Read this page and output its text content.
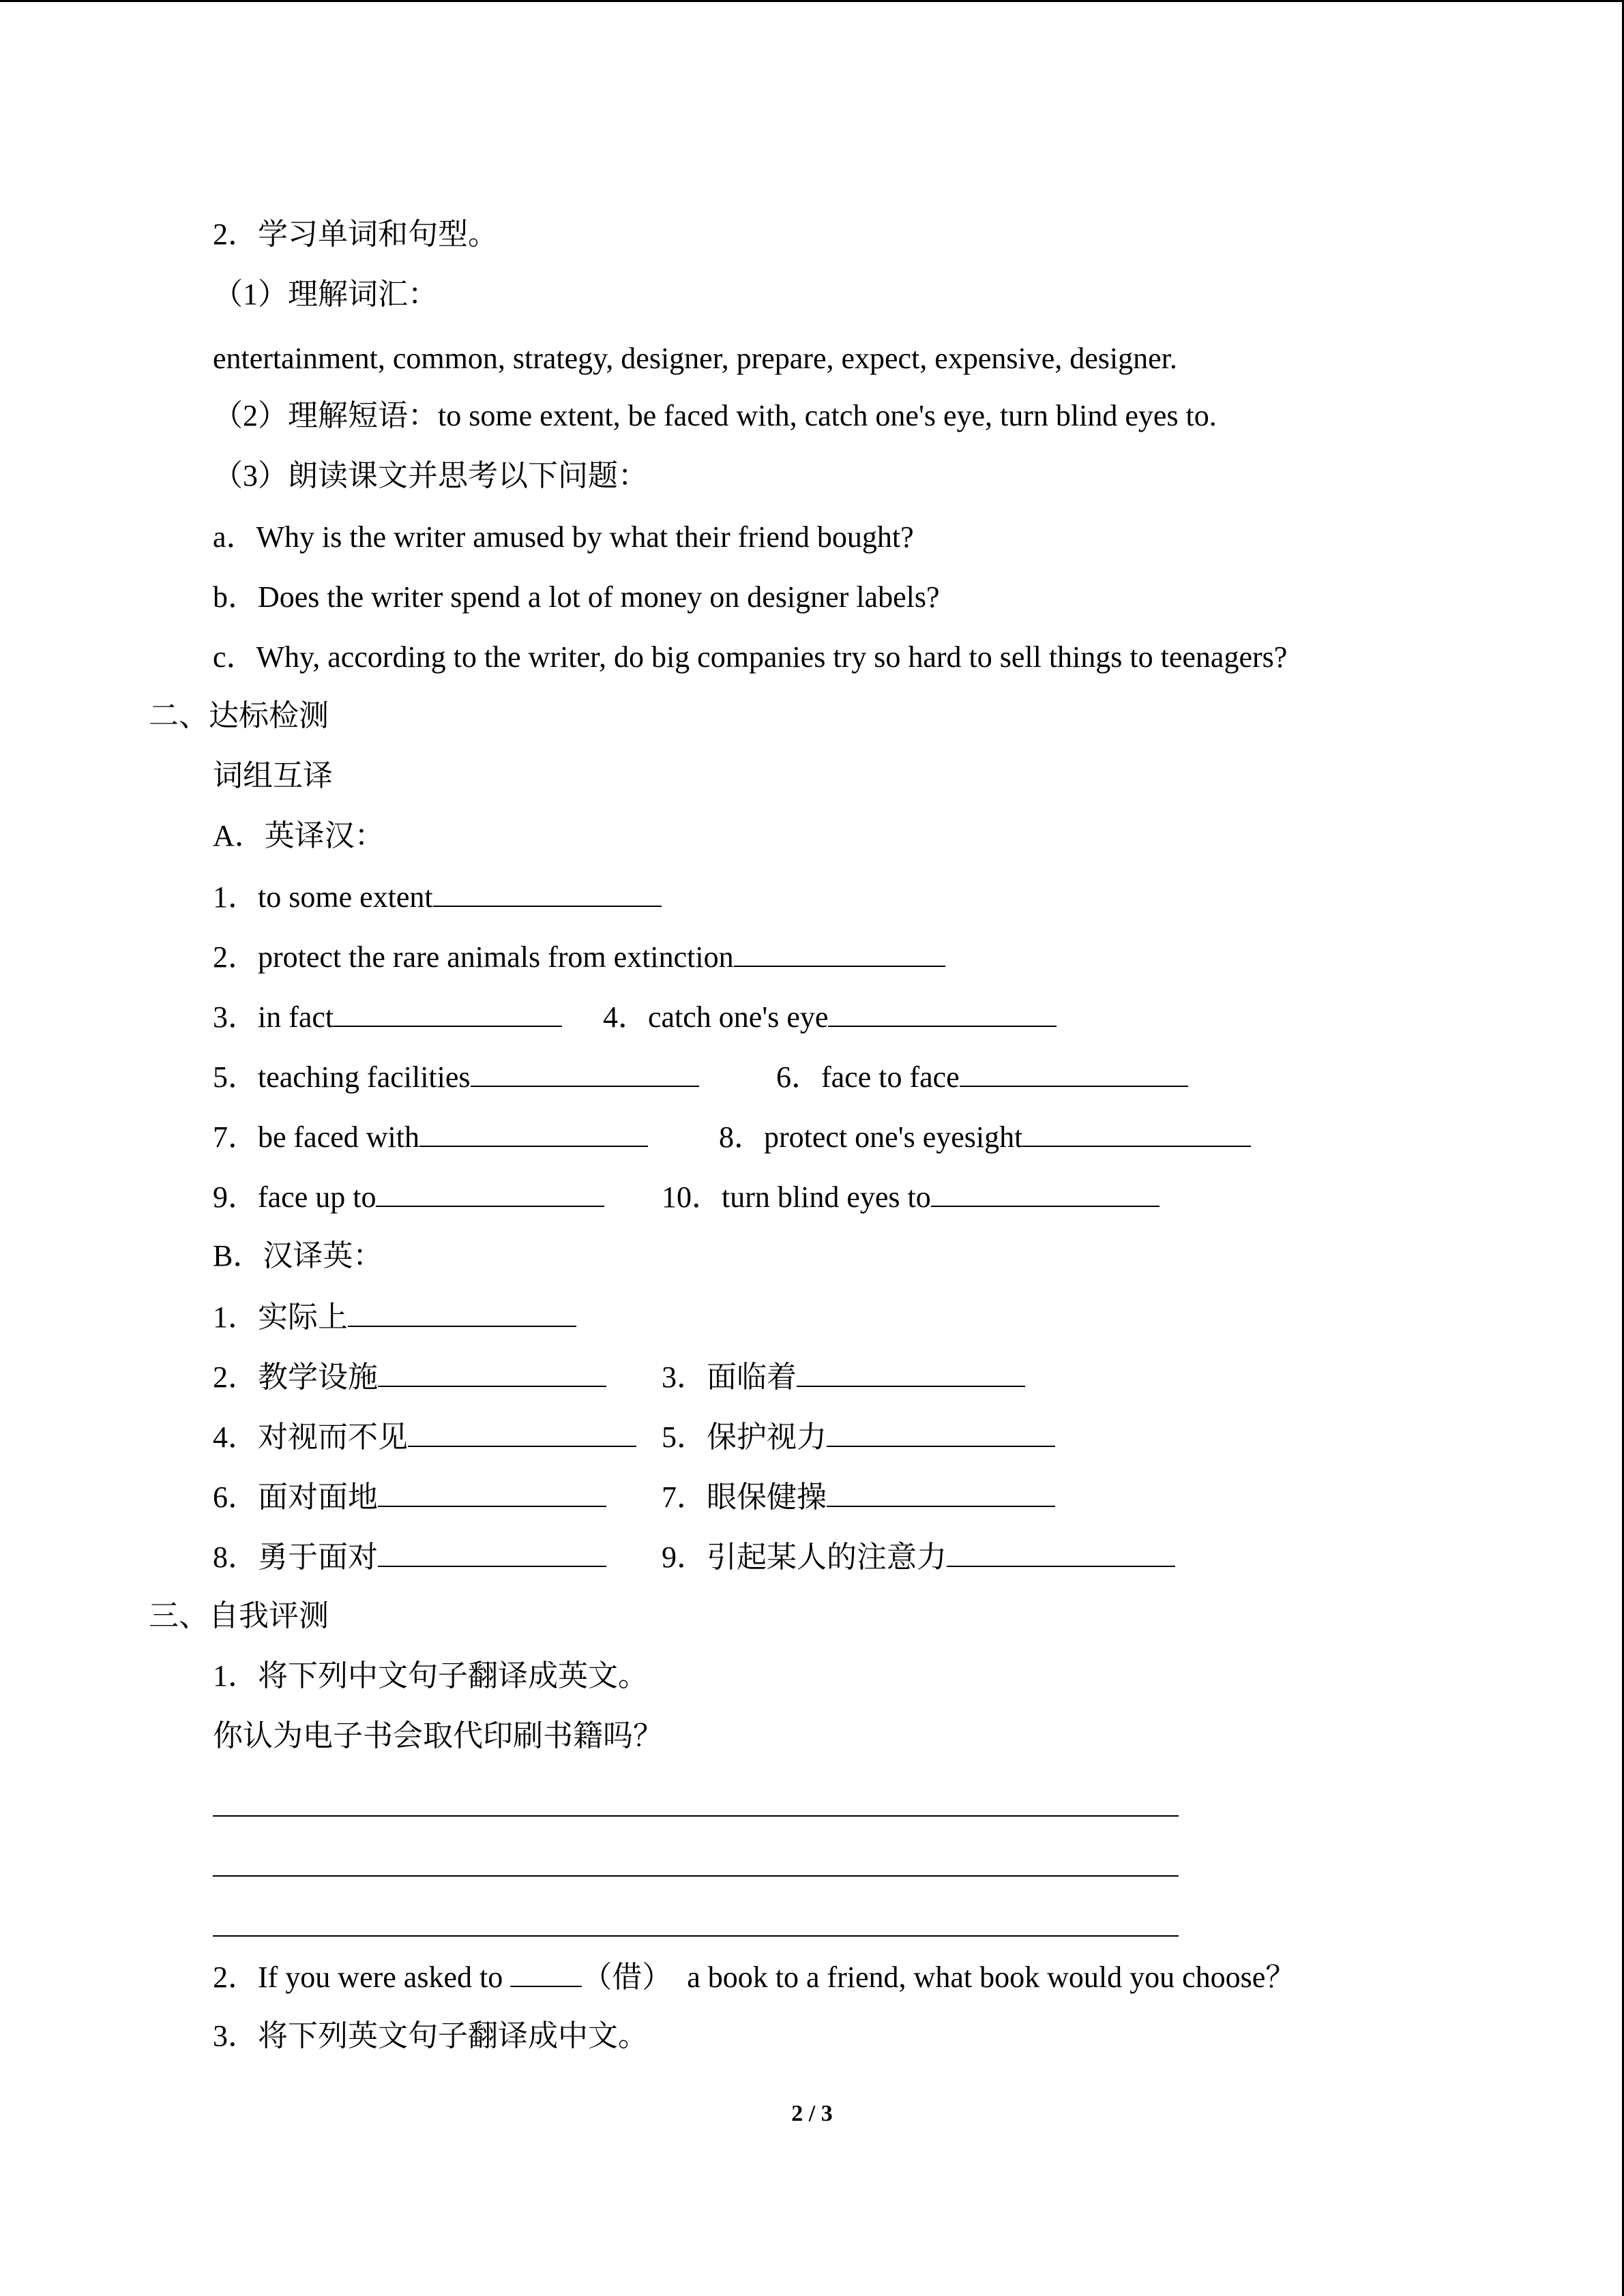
2．学习单词和句型。
（1）理解词汇：
entertainment, common, strategy, designer, prepare, expect, expensive, designer.
（2）理解短语：to some extent, be faced with, catch one's eye, turn blind eyes to.
（3）朗读课文并思考以下问题：
a．Why is the writer amused by what their friend bought?
b．Does the writer spend a lot of money on designer labels?
c．Why, according to the writer, do big companies try so hard to sell things to teenagers?
二、达标检测
词组互译
A．英译汉：
1．to some extent
2．protect the rare animals from extinction
3．in fact	4．catch one's eye
5．teaching facilities	6．face to face
7．be faced with	8．protect one's eyesight
9．face up to	10．turn blind eyes to
B．汉译英：
1．实际上
2．教学设施	3．面临着
4．对视而不见	5．保护视力
6．面对面地	7．眼保健操
8．勇于面对	9．引起某人的注意力
三、自我评测
1．将下列中文句子翻译成英文。
你认为电子书会取代印刷书籍吗？
2．If you were asked to （借）  a book to a friend, what book would you choose？
3．将下列英文句子翻译成中文。
2 / 3
